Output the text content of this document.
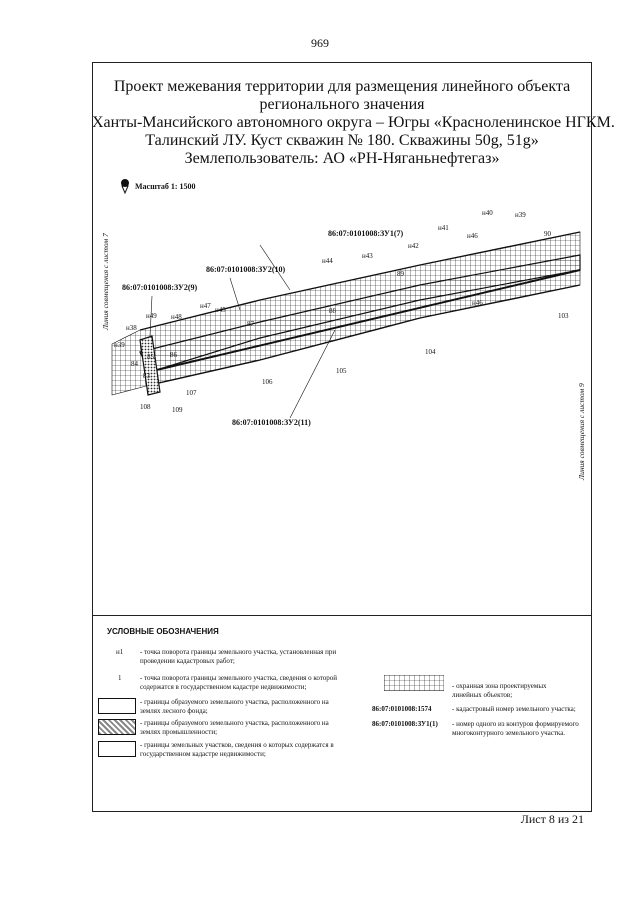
969
Проект межевания территории для размещения линейного объекта
регионального значения
Ханты-Мансийского автономного округа – Югры «Красноленинское НГКМ.
Талинский ЛУ. Куст скважин № 180. Скважины 50g, 51g»
Землепользователь: АО «РН-Няганьнефтегаз»
Масштаб 1: 1500
Линия совмещения с листом 7
Линия совмещения с листом 9
86:07:0101008:ЗУ1(7)
86:07:0101008:ЗУ2(10)
86:07:0101008:ЗУ2(9)
86:07:0101008:ЗУ2(11)
н40	н39
н41
н46
н42
н43
н44
н47 н45
н49 н48
н38
н39
н46
90
89
88
87
86
85
84
83
103
104
105
106
107
108	109
УСЛОВНЫЕ ОБОЗНАЧЕНИЯ
н1 - точка поворота границы земельного участка, установленная при проведении кадастровых работ;
1	- точка поворота границы земельного участка, сведения о которой содержатся в государственном кадастре недвижимости;
- границы образуемого земельного участка, расположенного на землях лесного фонда;
- границы образуемого земельного участка, расположенного на землях промышленности;
- границы земельных участков, сведения о которых содержатся в государственном кадастре недвижимости;
- охранная зона проектируемых линейных объектов;
86:07:0101008:1574	- кадастровый номер земельного участка;
86:07:0101008:ЗУ1(1) - номер одного из контуров формируемого многоконтурного земельного участка.
Лист 8 из 21
